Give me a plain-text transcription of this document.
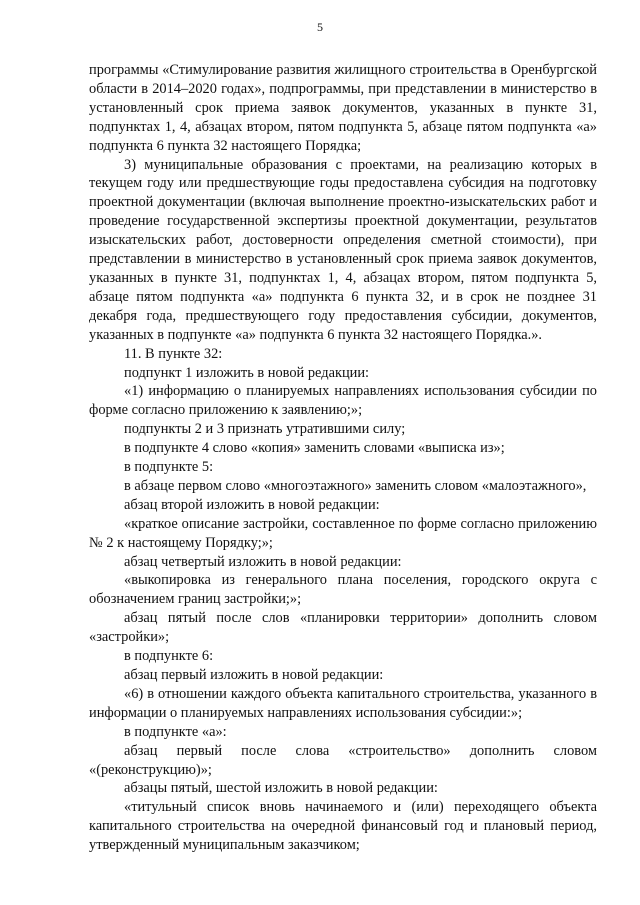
5

программы «Стимулирование развития жилищного строительства в Оренбургской области в 2014–2020 годах», подпрограммы, при представлении в министерство в установленный срок приема заявок документов, указанных в пункте 31, подпунктах 1, 4, абзацах втором, пятом подпункта 5, абзаце пятом подпункта «а» подпункта 6 пункта 32 настоящего Порядка;

3) муниципальные образования с проектами, на реализацию которых в текущем году или предшествующие годы предоставлена субсидия на подготовку проектной документации (включая выполнение проектно-изыскательских работ и проведение государственной экспертизы проектной документации, результатов изыскательских работ, достоверности определения сметной стоимости), при представлении в министерство в установленный срок приема заявок документов, указанных в пункте 31, подпунктах 1, 4, абзацах втором, пятом подпункта 5, абзаце пятом подпункта «а» подпункта 6 пункта 32, и в срок не позднее 31 декабря года, предшествующего году предоставления субсидии, документов, указанных в подпункте «а» подпункта 6 пункта 32 настоящего Порядка.».

11. В пункте 32:

подпункт 1 изложить в новой редакции:

«1) информацию о планируемых направлениях использования субсидии по форме согласно приложению к заявлению;»;

подпункты 2 и 3 признать утратившими силу;

в подпункте 4 слово «копия» заменить словами «выписка из»;

в подпункте 5:

в абзаце первом слово «многоэтажного» заменить словом «малоэтажного»,

абзац второй изложить в новой редакции:

«краткое описание застройки, составленное по форме согласно приложению № 2 к настоящему Порядку;»;

абзац четвертый изложить в новой редакции:

«выкопировка из генерального плана поселения, городского округа с обозначением границ застройки;»;

абзац пятый после слов «планировки территории» дополнить словом «застройки»;

в подпункте 6:

абзац первый изложить в новой редакции:

«6) в отношении каждого объекта капитального строительства, указанного в информации о планируемых направлениях использования субсидии:»;

в подпункте «а»:

абзац первый после слова «строительство» дополнить словом «(реконструкцию)»;

абзацы пятый, шестой изложить в новой редакции:

«титульный список вновь начинаемого и (или) переходящего объекта капитального строительства на очередной финансовый год и плановый период, утвержденный муниципальным заказчиком;
